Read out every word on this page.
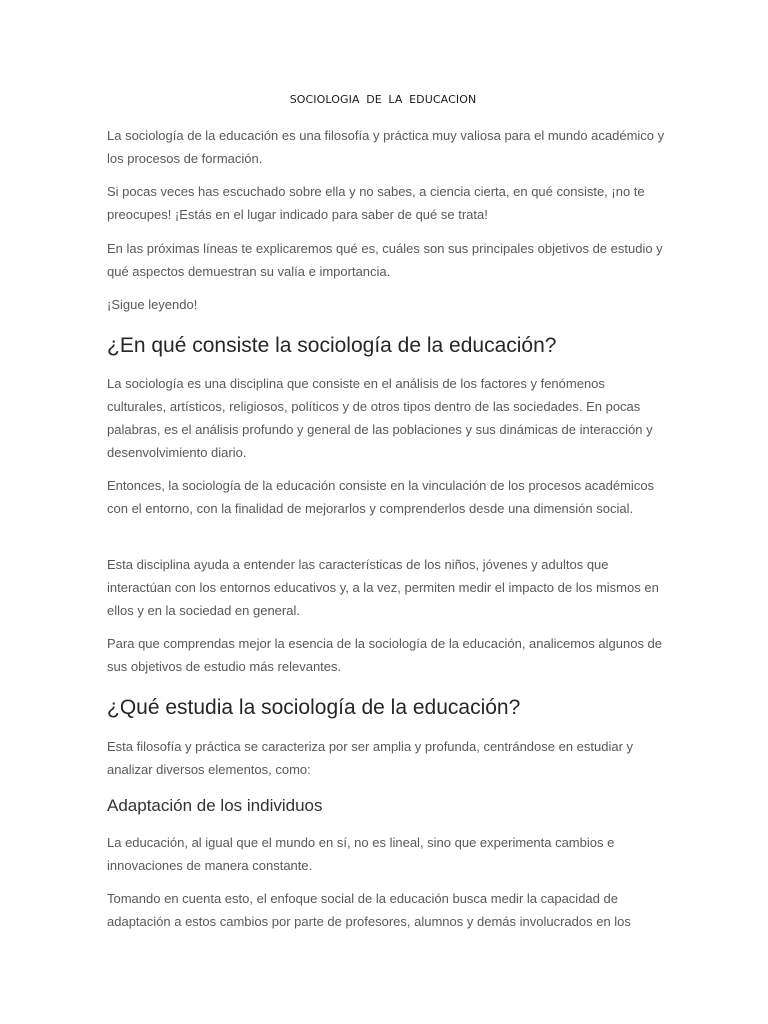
SOCIOLOGIA DE LA EDUCACION

La sociología de la educación es una filosofía y práctica muy valiosa para el mundo académico y los procesos de formación.

Si pocas veces has escuchado sobre ella y no sabes, a ciencia cierta, en qué consiste, ¡no te preocupes! ¡Estás en el lugar indicado para saber de qué se trata!

En las próximas líneas te explicaremos qué es, cuáles son sus principales objetivos de estudio y qué aspectos demuestran su valía e importancia.

¡Sigue leyendo!

¿En qué consiste la sociología de la educación?

La sociología es una disciplina que consiste en el análisis de los factores y fenómenos culturales, artísticos, religiosos, políticos y de otros tipos dentro de las sociedades. En pocas palabras, es el análisis profundo y general de las poblaciones y sus dinámicas de interacción y desenvolvimiento diario.

Entonces, la sociología de la educación consiste en la vinculación de los procesos académicos con el entorno, con la finalidad de mejorarlos y comprenderlos desde una dimensión social.

Esta disciplina ayuda a entender las características de los niños, jóvenes y adultos que interactúan con los entornos educativos y, a la vez, permiten medir el impacto de los mismos en ellos y en la sociedad en general.

Para que comprendas mejor la esencia de la sociología de la educación, analicemos algunos de sus objetivos de estudio más relevantes.

¿Qué estudia la sociología de la educación?

Esta filosofía y práctica se caracteriza por ser amplia y profunda, centrándose en estudiar y analizar diversos elementos, como:

Adaptación de los individuos

La educación, al igual que el mundo en sí, no es lineal, sino que experimenta cambios e innovaciones de manera constante.

Tomando en cuenta esto, el enfoque social de la educación busca medir la capacidad de adaptación a estos cambios por parte de profesores, alumnos y demás involucrados en los
